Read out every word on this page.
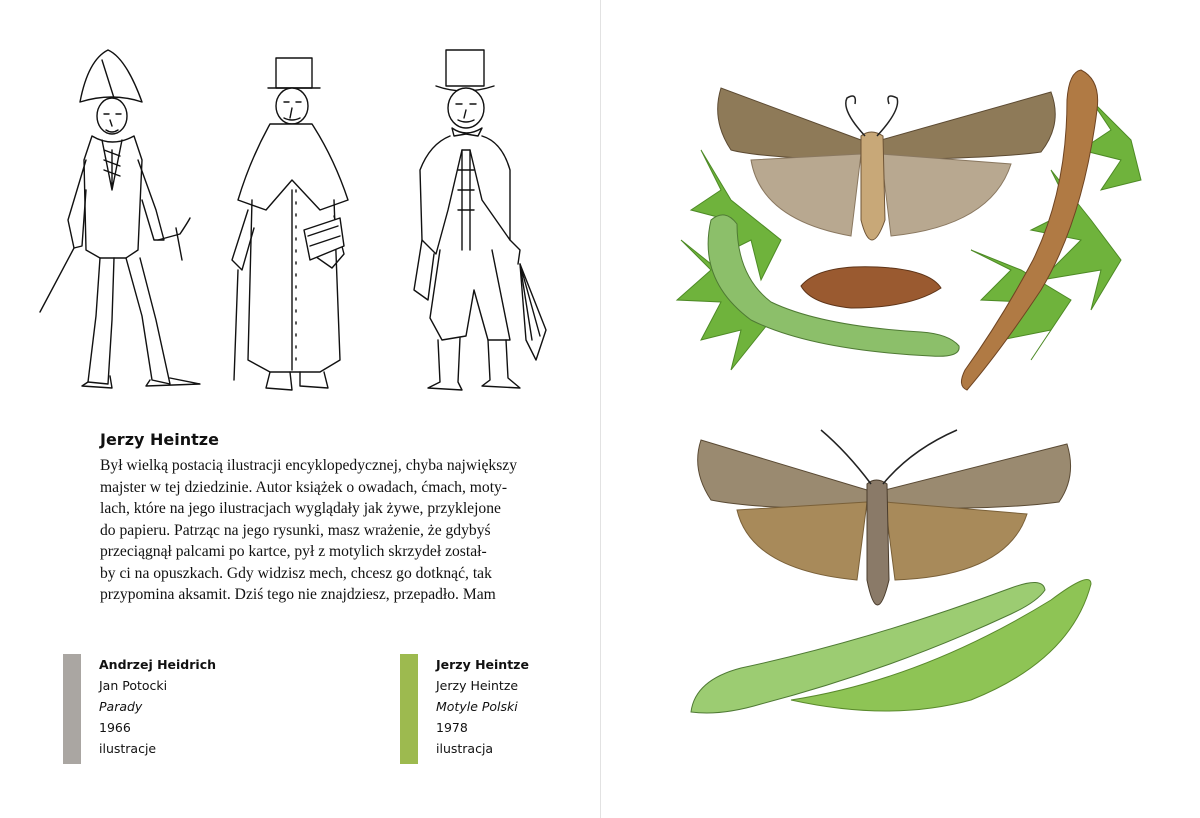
Jerzy Heintze
Był wielką postacią ilustracji encyklopedycznej, chyba największy
majster w tej dziedzinie. Autor książek o owadach, ćmach, moty-
lach, które na jego ilustracjach wyglądały jak żywe, przyklejone
do papieru. Patrząc na jego rysunki, masz wrażenie, że gdybyś
przeciągnął palcami po kartce, pył z motylich skrzydeł został-
by ci na opuszkach. Gdy widzisz mech, chcesz go dotknąć, tak
przypomina aksamit. Dziś tego nie znajdziesz, przepadło. Mam
Andrzej Heidrich
Jan Potocki
Parady
1966
ilustracje
Jerzy Heintze
Jerzy Heintze
Motyle Polski
1978
ilustracja
